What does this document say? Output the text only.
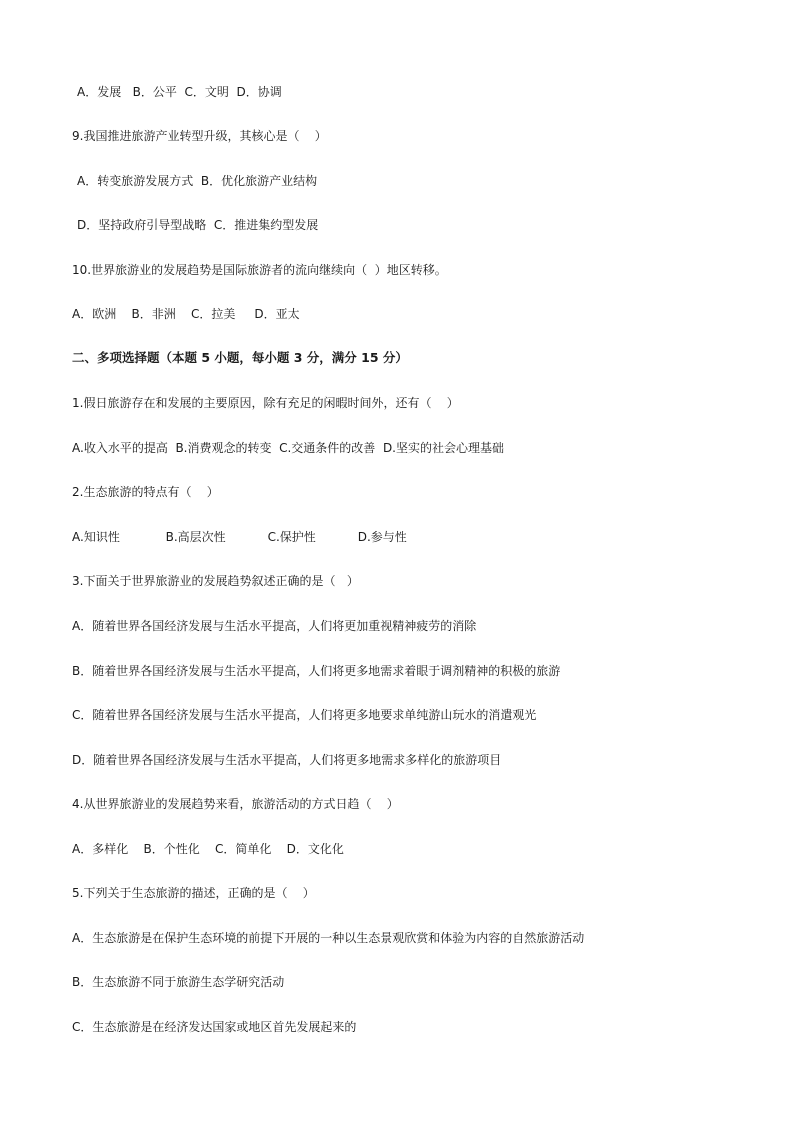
A．发展   B．公平  C．文明  D．协调
9.我国推进旅游产业转型升级，其核心是（    ）
A．转变旅游发展方式  B．优化旅游产业结构
D．坚持政府引导型战略  C．推进集约型发展
10.世界旅游业的发展趋势是国际旅游者的流向继续向（  ）地区转移。
A．欧洲    B．非洲    C．拉美     D．亚太
二、多项选择题（本题 5 小题，每小题 3 分，满分 15 分）
1.假日旅游存在和发展的主要原因，除有充足的闲暇时间外，还有（    ）
A.收入水平的提高  B.消费观念的转变  C.交通条件的改善  D.坚实的社会心理基础
2.生态旅游的特点有（    ）
A.知识性            B.高层次性           C.保护性           D.参与性
3.下面关于世界旅游业的发展趋势叙述正确的是（   ）
A．随着世界各国经济发展与生活水平提高，人们将更加重视精神疲劳的消除
B．随着世界各国经济发展与生活水平提高，人们将更多地需求着眼于调剂精神的积极的旅游
C．随着世界各国经济发展与生活水平提高，人们将更多地要求单纯游山玩水的消遣观光
D．随着世界各国经济发展与生活水平提高，人们将更多地需求多样化的旅游项目
4.从世界旅游业的发展趋势来看，旅游活动的方式日趋（    ）
A．多样化    B．个性化    C．简单化    D．文化化
5.下列关于生态旅游的描述，正确的是（    ）
A．生态旅游是在保护生态环境的前提下开展的一种以生态景观欣赏和体验为内容的自然旅游活动
B．生态旅游不同于旅游生态学研究活动
C．生态旅游是在经济发达国家或地区首先发展起来的
